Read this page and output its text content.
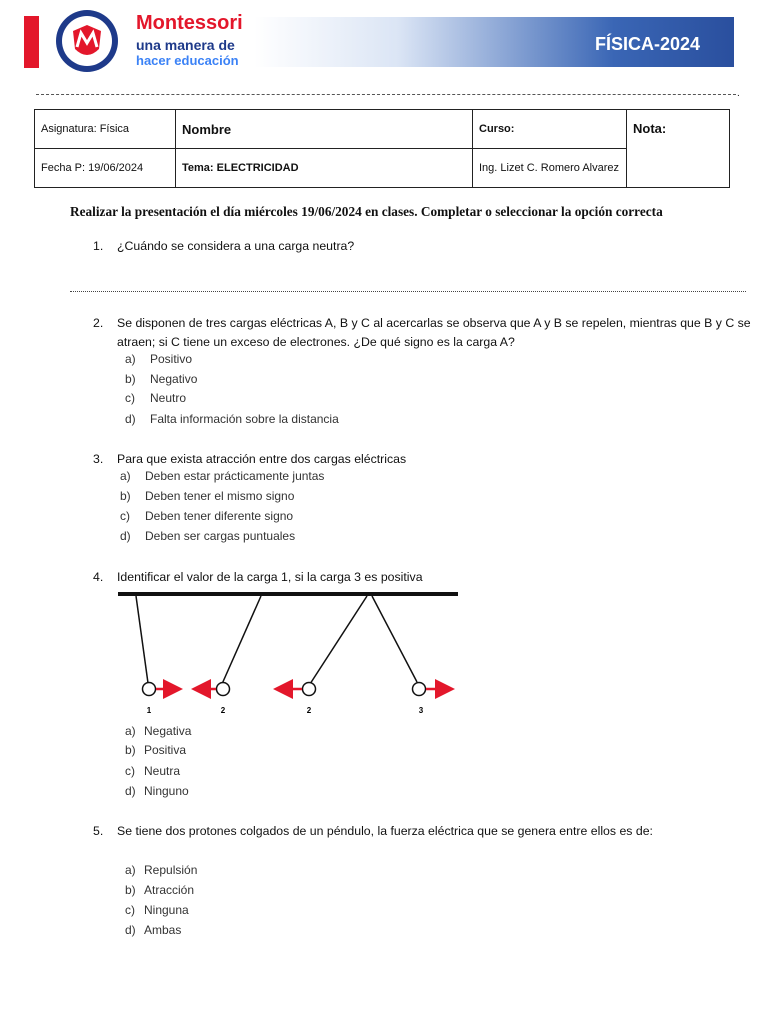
Montessori
una manera de
hacer educación
FÍSICA-2024
.
Asignatura: Física	Nombre	Curso:	Nota:
Fecha P: 19/06/2024	Tema: ELECTRICIDAD	Ing. Lizet C. Romero Alvarez	
Realizar la presentación el día miércoles 19/06/2024 en clases. Completar o seleccionar la opción correcta
1. ¿Cuándo se considera a una carga neutra?
2. Se disponen de tres cargas eléctricas A, B y C al acercarlas se observa que A y B se repelen, mientras que B y C se
atraen; si C tiene un exceso de electrones. ¿De qué signo es la carga A?
a) Positivo
b) Negativo
c) Neutro
d) Falta información sobre la distancia
3. Para que exista atracción entre dos cargas eléctricas
a) Deben estar prácticamente juntas
b) Deben tener el mismo signo
c) Deben tener diferente signo
d) Deben ser cargas puntuales
4. Identificar el valor de la carga 1, si la carga 3 es positiva
1	2	2	3
a) Negativa
b) Positiva
c) Neutra
d) Ninguno
5. Se tiene dos protones colgados de un péndulo, la fuerza eléctrica que se genera entre ellos es de:
a) Repulsión
b) Atracción
c) Ninguna
d) Ambas
